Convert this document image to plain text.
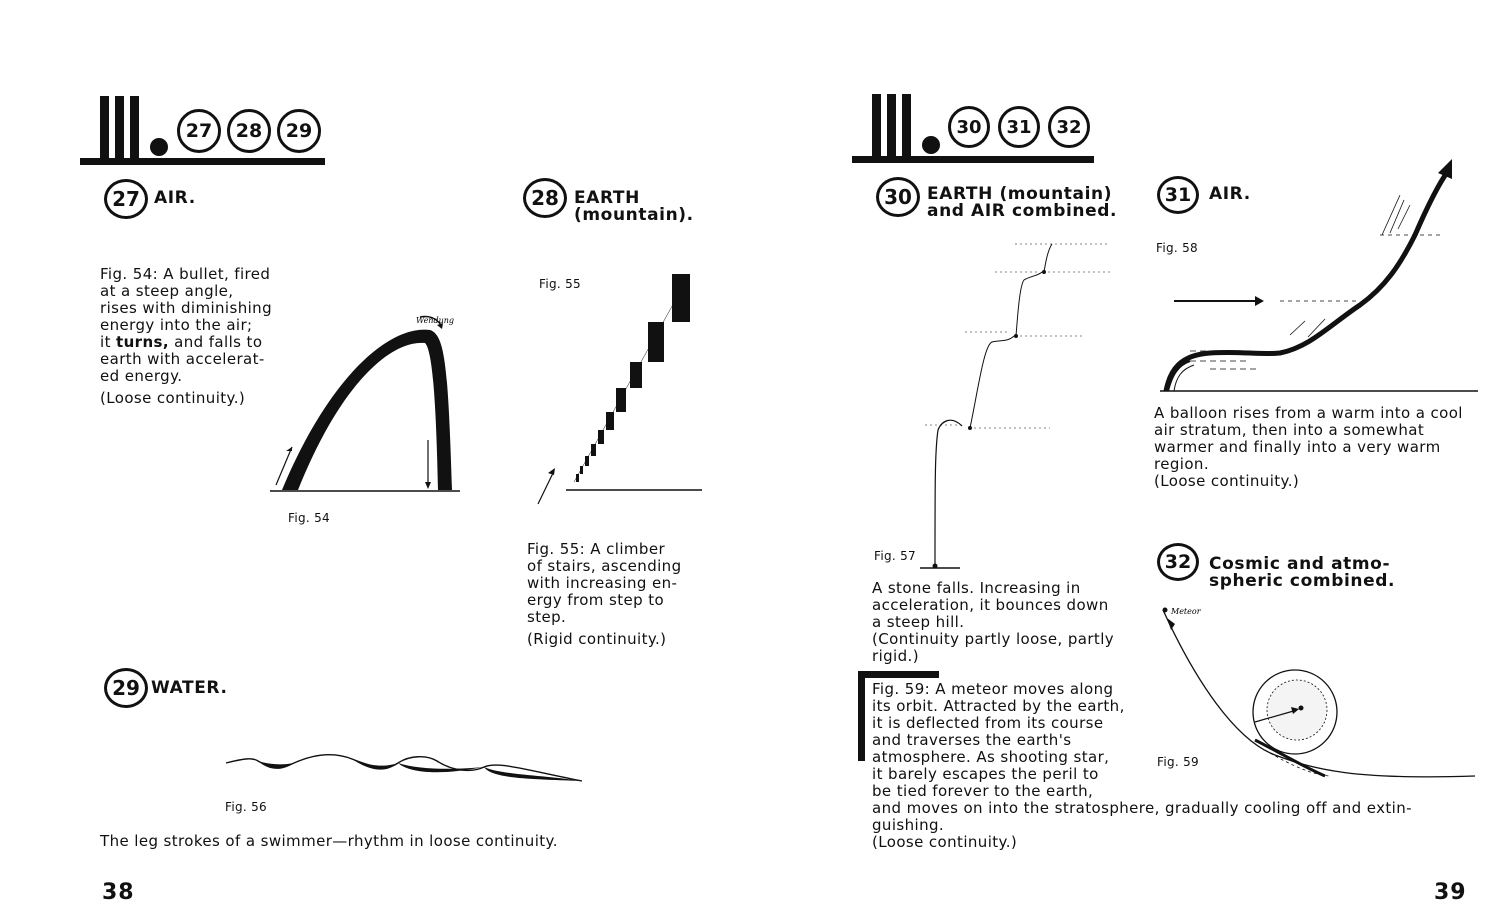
27	28	29
27 AIR.
Fig. 54: A bullet, fired
at a steep angle,
rises with diminishing
energy into the air;
it turns, and falls to
earth with accelerat-
ed energy.
(Loose continuity.)
Wendung
Fig. 54
28 EARTH
(mountain).
Fig. 55
Fig. 55: A climber
of stairs, ascending
with increasing en-
ergy from step to
step.
(Rigid continuity.)
29 WATER.
Fig. 56
The leg strokes of a swimmer—rhythm in loose continuity.
38
30	31	32
30 EARTH (mountain)
and AIR combined.
Fig. 57
A stone falls. Increasing in
acceleration, it bounces down
a steep hill.
(Continuity partly loose, partly
rigid.)
31	AIR.
Fig. 58
A balloon rises from a warm into a cool
air stratum, then into a somewhat
warmer and finally into a very warm
region.
(Loose continuity.)
32	Cosmic and atmo-
spheric combined.
Meteor
Fig. 59
Fig. 59: A meteor moves along
its orbit. Attracted by the earth,
it is deflected from its course
and traverses the earth's
atmosphere. As shooting star,
it barely escapes the peril to
be tied forever to the earth,
and moves on into the stratosphere, gradually cooling off and extin-
guishing.
(Loose continuity.)
39
